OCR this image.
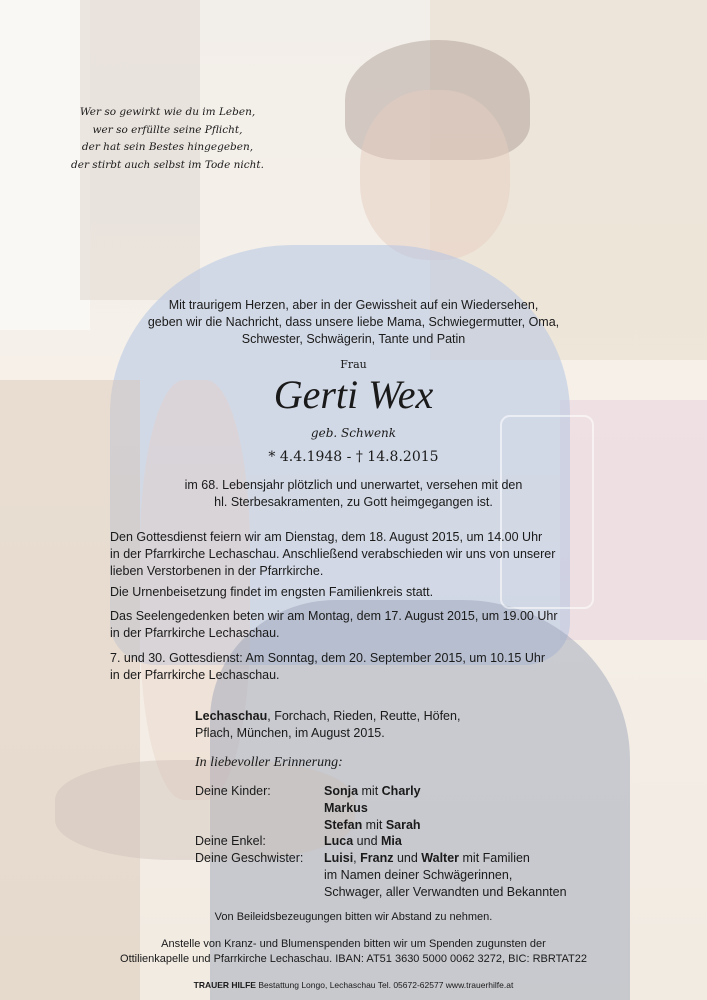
Wer so gewirkt wie du im Leben,
wer so erfüllte seine Pflicht,
der hat sein Bestes hingegeben,
der stirbt auch selbst im Tode nicht.
Mit traurigem Herzen, aber in der Gewissheit auf ein Wiedersehen,
geben wir die Nachricht, dass unsere liebe Mama, Schwiegermutter, Oma,
Schwester, Schwägerin, Tante und Patin
Frau
Gerti Wex
geb. Schwenk
* 4.4.1948 - † 14.8.2015
im 68. Lebensjahr plötzlich und unerwartet, versehen mit den
hl. Sterbesakramenten, zu Gott heimgegangen ist.
Den Gottesdienst feiern wir am Dienstag, dem 18. August 2015, um 14.00 Uhr
in der Pfarrkirche Lechaschau. Anschließend verabschieden wir uns von unserer
lieben Verstorbenen in der Pfarrkirche.
Die Urnenbeisetzung findet im engsten Familienkreis statt.
Das Seelengedenken beten wir am Montag, dem 17. August 2015, um 19.00 Uhr
in der Pfarrkirche Lechaschau.
7. und 30. Gottesdienst: Am Sonntag, dem 20. September 2015, um 10.15 Uhr
in der Pfarrkirche Lechaschau.
Lechaschau, Forchach, Rieden, Reutte, Höfen,
Pflach, München, im August 2015.
In liebevoller Erinnerung:
Deine Kinder:	Sonja mit Charly
Markus
Stefan mit Sarah
Deine Enkel:	Luca und Mia
Deine Geschwister: Luisi, Franz und Walter mit Familien
im Namen deiner Schwägerinnen,
Schwager, aller Verwandten und Bekannten
Von Beileidsbezeugungen bitten wir Abstand zu nehmen.
Anstelle von Kranz- und Blumenspenden bitten wir um Spenden zugunsten der
Ottilienkapelle und Pfarrkirche Lechaschau. IBAN: AT51 3630 5000 0062 3272, BIC: RBRTAT22
TRAUER HILFE Bestattung Longo, Lechaschau Tel. 05672-62577 www.trauerhilfe.at
